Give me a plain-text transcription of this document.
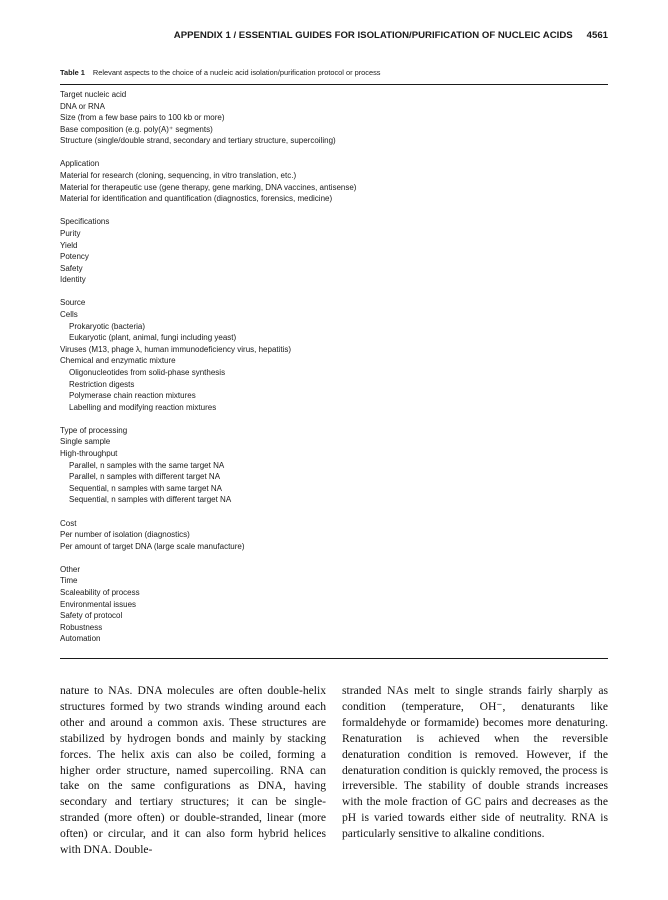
APPENDIX 1 / ESSENTIAL GUIDES FOR ISOLATION/PURIFICATION OF NUCLEIC ACIDS 4561
Table 1 Relevant aspects to the choice of a nucleic acid isolation/purification protocol or process
Target nucleic acid
DNA or RNA
Size (from a few base pairs to 100 kb or more)
Base composition (e.g. poly(A)⁺ segments)
Structure (single/double strand, secondary and tertiary structure, supercoiling)
Application
Material for research (cloning, sequencing, in vitro translation, etc.)
Material for therapeutic use (gene therapy, gene marking, DNA vaccines, antisense)
Material for identification and quantification (diagnostics, forensics, medicine)
Specifications
Purity
Yield
Potency
Safety
Identity
Source
Cells
Prokaryotic (bacteria)
Eukaryotic (plant, animal, fungi including yeast)
Viruses (M13, phage λ, human immunodeficiency virus, hepatitis)
Chemical and enzymatic mixture
Oligonucleotides from solid-phase synthesis
Restriction digests
Polymerase chain reaction mixtures
Labelling and modifying reaction mixtures
Type of processing
Single sample
High-throughput
Parallel, n samples with the same target NA
Parallel, n samples with different target NA
Sequential, n samples with same target NA
Sequential, n samples with different target NA
Cost
Per number of isolation (diagnostics)
Per amount of target DNA (large scale manufacture)
Other
Time
Scaleability of process
Environmental issues
Safety of protocol
Robustness
Automation
nature to NAs. DNA molecules are often double-helix structures formed by two strands winding around each other and around a common axis. These structures are stabilized by hydrogen bonds and mainly by stacking forces. The helix axis can also be coiled, forming a higher order structure, named supercoiling. RNA can take on the same configurations as DNA, having secondary and tertiary structures; it can be single-stranded (more often) or double-stranded, linear (more often) or circular, and it can also form hybrid helices with DNA. Double-
stranded NAs melt to single strands fairly sharply as condition (temperature, OH⁻, denaturants like formaldehyde or formamide) becomes more denaturing. Renaturation is achieved when the reversible denaturation condition is removed. However, if the denaturation condition is quickly removed, the process is irreversible. The stability of double strands increases with the mole fraction of GC pairs and decreases as the pH is varied towards either side of neutrality. RNA is particularly sensitive to alkaline conditions.
